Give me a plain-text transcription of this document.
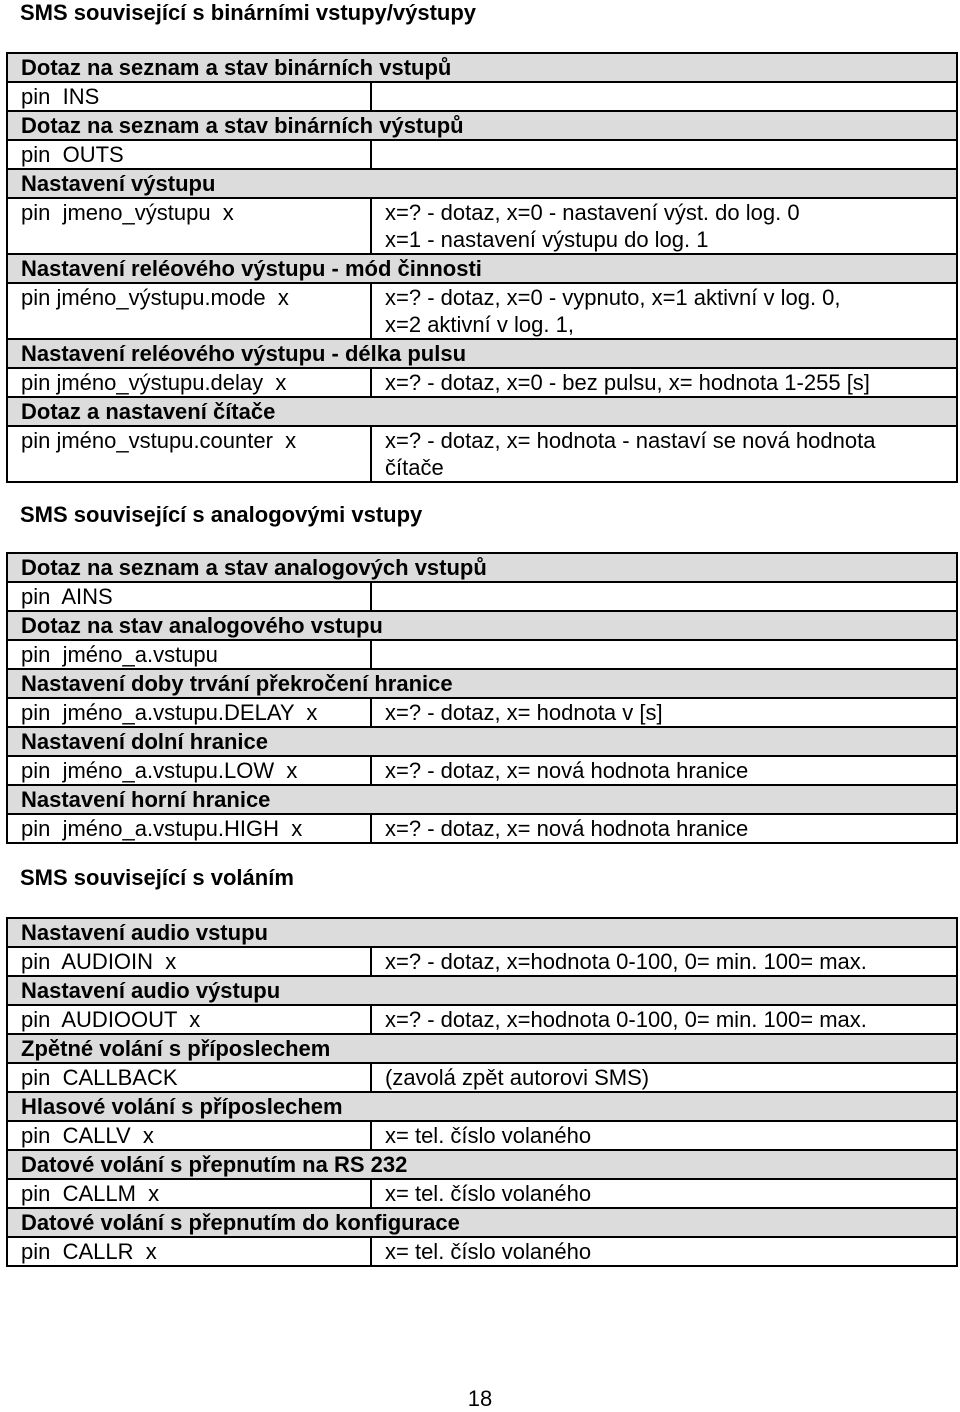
SMS související s binárními vstupy/výstupy
Dotaz na seznam a stav binárních vstupů	
pin  INS	
Dotaz na seznam a stav binárních výstupů	
pin  OUTS	
Nastavení výstupu	
pin  jmeno_výstupu  x	x=? - dotaz, x=0 - nastavení výst. do log. 0
x=1 - nastavení výstupu do log. 1
Nastavení reléového výstupu - mód činnosti	
pin jméno_výstupu.mode  x	x=? - dotaz, x=0 - vypnuto, x=1 aktivní v log. 0,
x=2 aktivní v log. 1,
Nastavení reléového výstupu - délka pulsu	
pin jméno_výstupu.delay  x	x=? - dotaz, x=0 - bez pulsu, x= hodnota 1-255 [s]
Dotaz a nastavení čítače	
pin jméno_vstupu.counter  x	x=? - dotaz, x= hodnota - nastaví se nová hodnota
čítače
SMS související s analogovými vstupy
Dotaz na seznam a stav analogových vstupů	
pin  AINS	
Dotaz na stav analogového vstupu	
pin  jméno_a.vstupu	
Nastavení doby trvání překročení hranice	
pin  jméno_a.vstupu.DELAY  x	x=? - dotaz, x= hodnota v [s]
Nastavení dolní hranice	
pin  jméno_a.vstupu.LOW  x	x=? - dotaz, x= nová hodnota hranice
Nastavení horní hranice	
pin  jméno_a.vstupu.HIGH  x	x=? - dotaz, x= nová hodnota hranice
SMS související s voláním
Nastavení audio vstupu	
pin  AUDIOIN  x	x=? - dotaz, x=hodnota 0-100, 0= min. 100= max.
Nastavení audio výstupu	
pin  AUDIOOUT  x	x=? - dotaz, x=hodnota 0-100, 0= min. 100= max.
Zpětné volání s příposlechem	
pin  CALLBACK	(zavolá zpět autorovi SMS)
Hlasové volání s příposlechem	
pin  CALLV  x	x= tel. číslo volaného
Datové volání s přepnutím na RS 232	
pin  CALLM  x	x= tel. číslo volaného
Datové volání s přepnutím do konfigurace	
pin  CALLR  x	x= tel. číslo volaného
18
